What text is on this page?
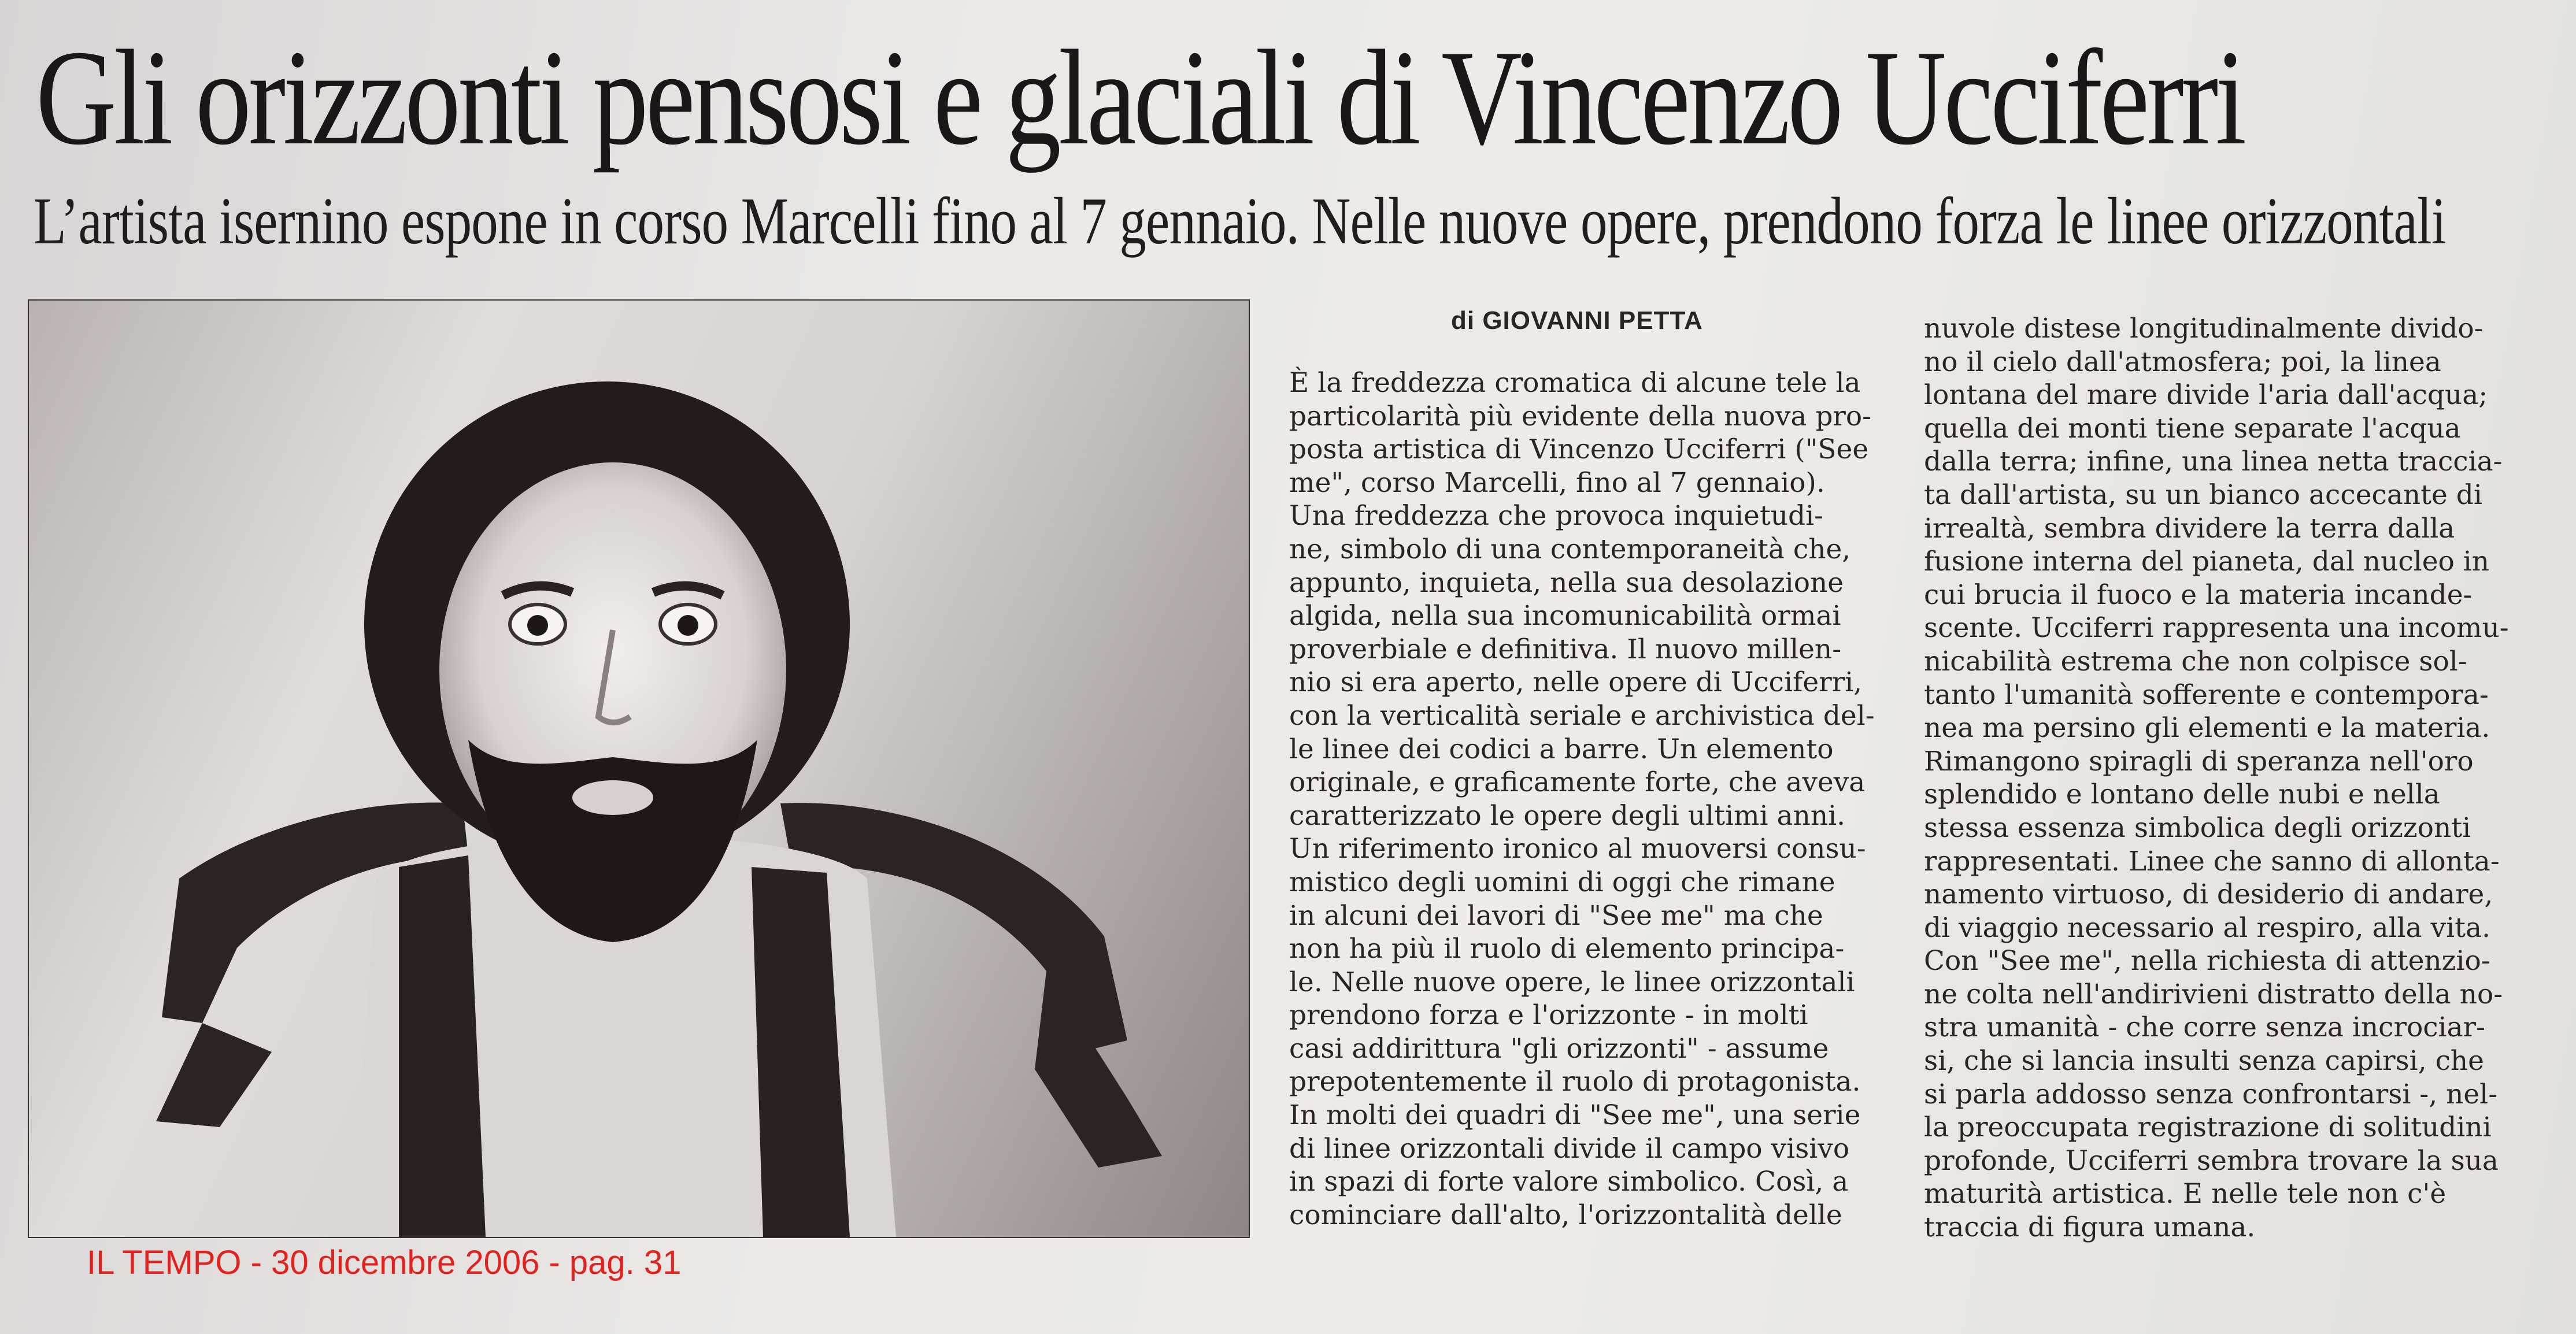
Gli orizzonti pensosi e glaciali di Vincenzo Ucciferri
L’artista isernino espone in corso Marcelli fino al 7 gennaio. Nelle nuove opere, prendono forza le linee orizzontali
di GIOVANNI PETTA
È la freddezza cromatica di alcune tele la
particolarità più evidente della nuova pro-
posta artistica di Vincenzo Ucciferri ("See
me", corso Marcelli, fino al 7 gennaio).
Una freddezza che provoca inquietudi-
ne, simbolo di una contemporaneità che,
appunto, inquieta, nella sua desolazione
algida, nella sua incomunicabilità ormai
proverbiale e definitiva. Il nuovo millen-
nio si era aperto, nelle opere di Ucciferri,
con la verticalità seriale e archivistica del-
le linee dei codici a barre. Un elemento
originale, e graficamente forte, che aveva
caratterizzato le opere degli ultimi anni.
Un riferimento ironico al muoversi consu-
mistico degli uomini di oggi che rimane
in alcuni dei lavori di "See me" ma che
non ha più il ruolo di elemento principa-
le. Nelle nuove opere, le linee orizzontali
prendono forza e l'orizzonte - in molti
casi addirittura "gli orizzonti" - assume
prepotentemente il ruolo di protagonista.
In molti dei quadri di "See me", una serie
di linee orizzontali divide il campo visivo
in spazi di forte valore simbolico. Così, a
cominciare dall'alto, l'orizzontalità delle
nuvole distese longitudinalmente divido-
no il cielo dall'atmosfera; poi, la linea
lontana del mare divide l'aria dall'acqua;
quella dei monti tiene separate l'acqua
dalla terra; infine, una linea netta traccia-
ta dall'artista, su un bianco accecante di
irrealtà, sembra dividere la terra dalla
fusione interna del pianeta, dal nucleo in
cui brucia il fuoco e la materia incande-
scente. Ucciferri rappresenta una incomu-
nicabilità estrema che non colpisce sol-
tanto l'umanità sofferente e contempora-
nea ma persino gli elementi e la materia.
Rimangono spiragli di speranza nell'oro
splendido e lontano delle nubi e nella
stessa essenza simbolica degli orizzonti
rappresentati. Linee che sanno di allonta-
namento virtuoso, di desiderio di andare,
di viaggio necessario al respiro, alla vita.
Con "See me", nella richiesta di attenzio-
ne colta nell'andirivieni distratto della no-
stra umanità - che corre senza incrociar-
si, che si lancia insulti senza capirsi, che
si parla addosso senza confrontarsi -, nel-
la preoccupata registrazione di solitudini
profonde, Ucciferri sembra trovare la sua
maturità artistica. E nelle tele non c'è
traccia di figura umana.
IL TEMPO - 30 dicembre 2006 - pag. 31
